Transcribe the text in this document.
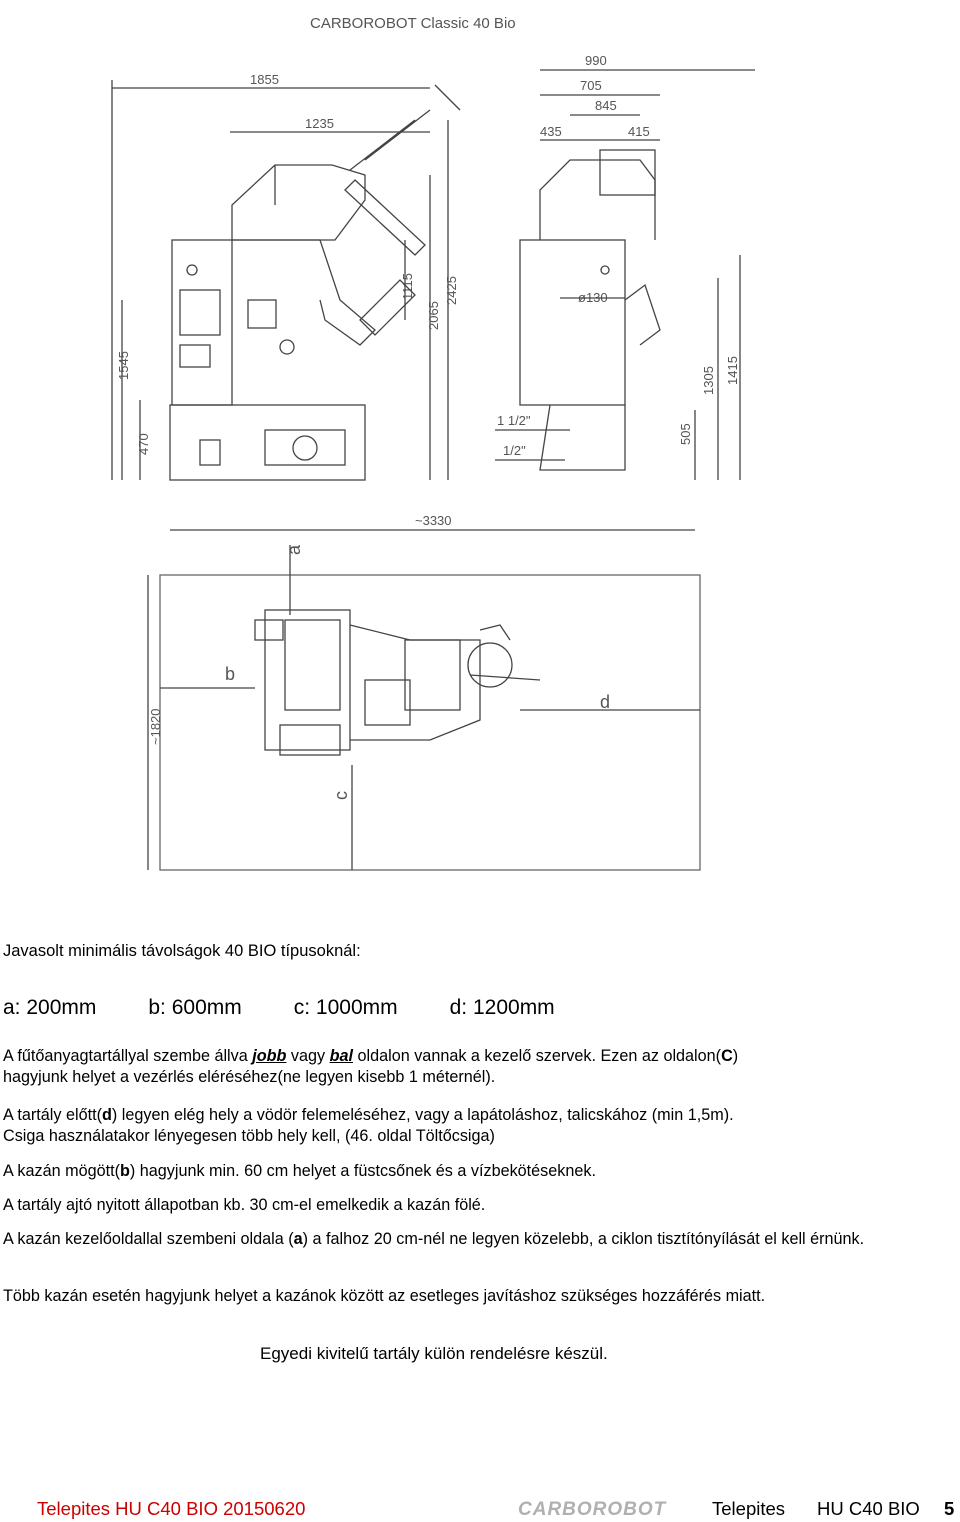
CARBOROBOT Classic 40 Bio
1855
1235
1545
470
2425
2065
1115
990
705
845
435	415
ø130
1 1/2"
1/2"
505
1305 1415
~3330
~1820
a
b
c
d

Javasolt minimális távolságok 40 BIO típusoknál:

a: 200mm b: 600mm c: 1000mm d: 1200mm

A fűtőanyagtartállyal szembe állva jobb vagy bal oldalon vannak a kezelő szervek. Ezen az oldalon(C)
hagyjunk helyet a vezérlés eléréséhez(ne legyen kisebb 1 méternél).

A tartály előtt(d) legyen elég hely a vödör felemeléséhez, vagy a lapátoláshoz, talicskához (min 1,5m).
Csiga használatakor lényegesen több hely kell, (46. oldal Töltőcsiga)

A kazán mögött(b) hagyjunk min. 60 cm helyet a füstcsőnek és a vízbekötéseknek.

A tartály ajtó nyitott állapotban kb. 30 cm-el emelkedik a kazán fölé.

A kazán kezelőoldallal szembeni oldala (a) a falhoz 20 cm-nél ne legyen közelebb, a ciklon tisztítónyílását el kell érnünk.

Több kazán esetén hagyjunk helyet a kazánok között az esetleges javításhoz szükséges hozzáférés miatt.

Egyedi kivitelű tartály külön rendelésre készül.

Telepites HU C40 BIO 20150620	CARBOROBOT Telepites HU C40 BIO 5
